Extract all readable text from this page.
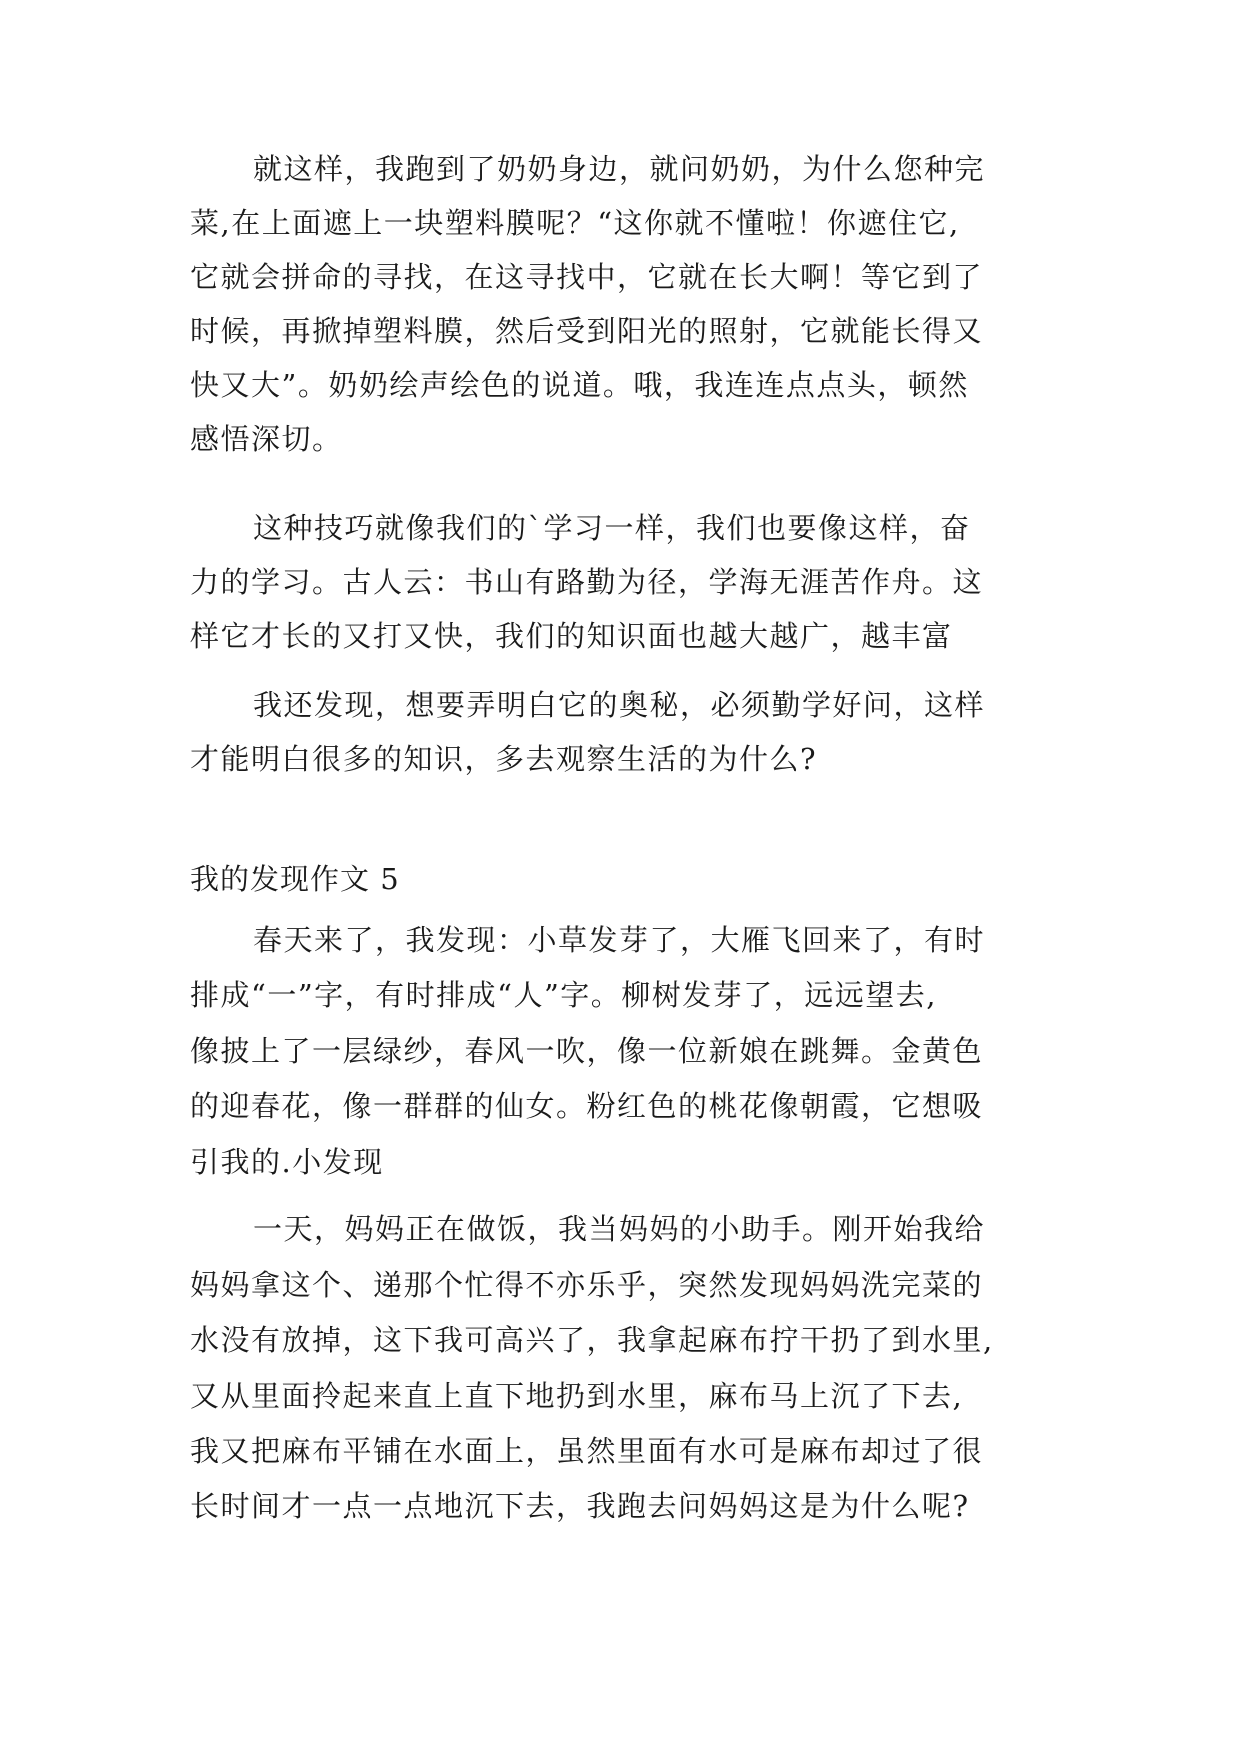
就这样，我跑到了奶奶身边，就问奶奶，为什么您种完
菜,在上面遮上一块塑料膜呢？“这你就不懂啦！你遮住它,
它就会拼命的寻找，在这寻找中，它就在长大啊！等它到了
时候，再掀掉塑料膜，然后受到阳光的照射，它就能长得又
快又大”。奶奶绘声绘色的说道。哦，我连连点点头，顿然
感悟深切。
这种技巧就像我们的`学习一样，我们也要像这样，奋
力的学习。古人云：书山有路勤为径，学海无涯苦作舟。这
样它才长的又打又快，我们的知识面也越大越广，越丰富
我还发现，想要弄明白它的奥秘，必须勤学好问，这样
才能明白很多的知识，多去观察生活的为什么?
我的发现作文 5
春天来了，我发现：小草发芽了，大雁飞回来了，有时
排成“一”字，有时排成“人”字。柳树发芽了，远远望去,
像披上了一层绿纱，春风一吹，像一位新娘在跳舞。金黄色
的迎春花，像一群群的仙女。粉红色的桃花像朝霞，它想吸
引我的.小发现
一天，妈妈正在做饭，我当妈妈的小助手。刚开始我给
妈妈拿这个、递那个忙得不亦乐乎，突然发现妈妈洗完菜的
水没有放掉，这下我可高兴了，我拿起麻布拧干扔了到水里,
又从里面拎起来直上直下地扔到水里，麻布马上沉了下去,
我又把麻布平铺在水面上，虽然里面有水可是麻布却过了很
长时间才一点一点地沉下去，我跑去问妈妈这是为什么呢?
